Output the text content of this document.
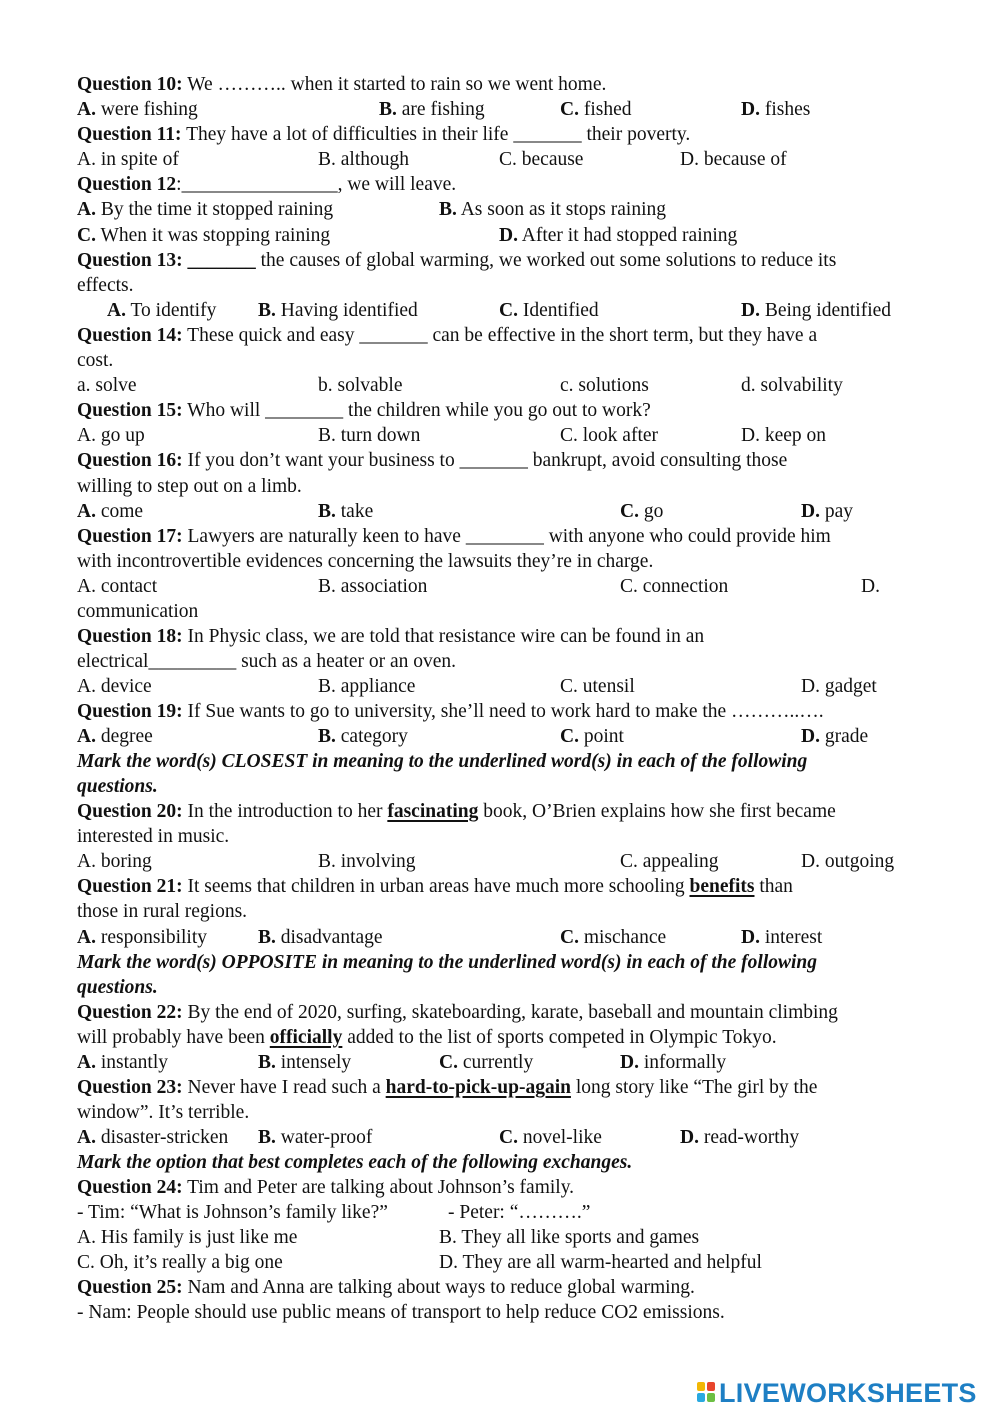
Question 10: We ……….. when it started to rain so we went home.
A. were fishing	B. are fishing	C. fished	D. fishes
Question 11: They have a lot of difficulties in their life _______ their poverty.
A. in spite of	B. although	C. because	D. because of
Question 12:________________, we will leave.
A. By the time it stopped raining	B. As soon as it stops raining
C. When it was stopping raining	D. After it had stopped raining
Question 13: _______ the causes of global warming, we worked out some solutions to reduce its
effects.
A. To identify B. Having identified	C. Identified	D. Being identified
Question 14: These quick and easy _______ can be effective in the short term, but they have a
cost.
a. solve	b. solvable	c. solutions	d. solvability
Question 15: Who will ________ the children while you go out to work?
A. go up	B. turn down	C. look after	D. keep on
Question 16: If you don’t want your business to _______ bankrupt, avoid consulting those
willing to step out on a limb.
A. come	B. take	C. go	D. pay
Question 17: Lawyers are naturally keen to have ________ with anyone who could provide him
with incontrovertible evidences concerning the lawsuits they’re in charge.
A. contact	B. association	C. connection	D.
communication
Question 18: In Physic class, we are told that resistance wire can be found in an
electrical_________ such as a heater or an oven.
A. device	B. appliance	C. utensil	D. gadget
Question 19: If Sue wants to go to university, she’ll need to work hard to make the ………..….
A. degree	B. category	C. point	D. grade
Mark the word(s) CLOSEST in meaning to the underlined word(s) in each of the following
questions.
Question 20: In the introduction to her fascinating book, O’Brien explains how she first became
interested in music.
A. boring	B. involving	C. appealing	D. outgoing
Question 21: It seems that children in urban areas have much more schooling benefits than
those in rural regions.
A. responsibility	B. disadvantage	C. mischance	D. interest
Mark the word(s) OPPOSITE in meaning to the underlined word(s) in each of the following
questions.
Question 22: By the end of 2020, surfing, skateboarding, karate, baseball and mountain climbing
will probably have been officially added to the list of sports competed in Olympic Tokyo.
A. instantly	B. intensely	C. currently	D. informally
Question 23: Never have I read such a hard-to-pick-up-again long story like “The girl by the
window”. It’s terrible.
A. disaster-stricken B. water-proof	C. novel-like	D. read-worthy
Mark the option that best completes each of the following exchanges.
Question 24: Tim and Peter are talking about Johnson’s family.
- Tim: “What is Johnson’s family like?”	- Peter: “……….”
A. His family is just like me	B. They all like sports and games
C. Oh, it’s really a big one	D. They are all warm-hearted and helpful
Question 25: Nam and Anna are talking about ways to reduce global warming.
- Nam: People should use public means of transport to help reduce CO2 emissions.
LIVEWORKSHEETS
